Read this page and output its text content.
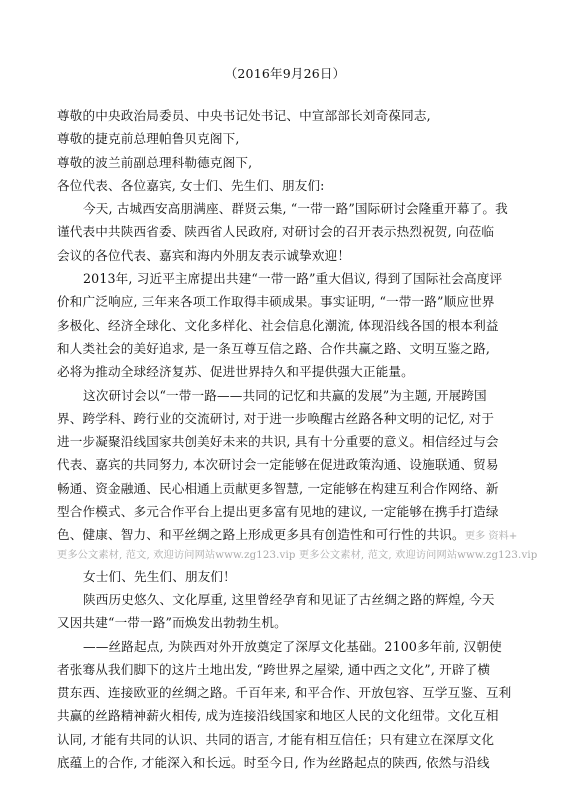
（2016年9月26日）
尊敬的中央政治局委员、中央书记处书记、中宣部部长刘奇葆同志,
尊敬的捷克前总理帕鲁贝克阁下,
尊敬的波兰前副总理科勒德克阁下,
各位代表、各位嘉宾, 女士们、先生们、朋友们:
今天, 古城西安高朋满座、群贤云集, “一带一路”国际研讨会隆重开幕了。我
谨代表中共陕西省委、陕西省人民政府, 对研讨会的召开表示热烈祝贺, 向莅临
会议的各位代表、嘉宾和海内外朋友表示诚挚欢迎！
2013年, 习近平主席提出共建“一带一路”重大倡议, 得到了国际社会高度评
价和广泛响应, 三年来各项工作取得丰硕成果。事实证明, “一带一路”顺应世界
多极化、经济全球化、文化多样化、社会信息化潮流, 体现沿线各国的根本利益
和人类社会的美好追求, 是一条互尊互信之路、合作共赢之路、文明互鉴之路,
必将为推动全球经济复苏、促进世界持久和平提供强大正能量。
这次研讨会以“一带一路——共同的记忆和共赢的发展”为主题, 开展跨国
界、跨学科、跨行业的交流研讨, 对于进一步唤醒古丝路各种文明的记忆, 对于
进一步凝聚沿线国家共创美好未来的共识, 具有十分重要的意义。相信经过与会
代表、嘉宾的共同努力, 本次研讨会一定能够在促进政策沟通、设施联通、贸易
畅通、资金融通、民心相通上贡献更多智慧, 一定能够在构建互利合作网络、新
型合作模式、多元合作平台上提出更多富有见地的建议, 一定能够在携手打造绿
色、健康、智力、和平丝绸之路上形成更多具有创造性和可行性的共识。更多 资料+
更多公文素材, 范文, 欢迎访问网站www.zg123.vip 更多公文素材, 范文, 欢迎访问网站www.zg123.vip
女士们、先生们、朋友们！
陕西历史悠久、文化厚重, 这里曾经孕育和见证了古丝绸之路的辉煌, 今天
又因共建“一带一路”而焕发出勃勃生机。
——丝路起点, 为陕西对外开放奠定了深厚文化基础。2100多年前, 汉朝使
者张骞从我们脚下的这片土地出发, “跨世界之屋梁, 通中西之文化”, 开辟了横
贯东西、连接欧亚的丝绸之路。千百年来, 和平合作、开放包容、互学互鉴、互利
共赢的丝路精神薪火相传, 成为连接沿线国家和地区人民的文化纽带。文化互相
认同, 才能有共同的认识、共同的语言, 才能有相互信任；只有建立在深厚文化
底蕴上的合作, 才能深入和长远。时至今日, 作为丝路起点的陕西, 依然与沿线
